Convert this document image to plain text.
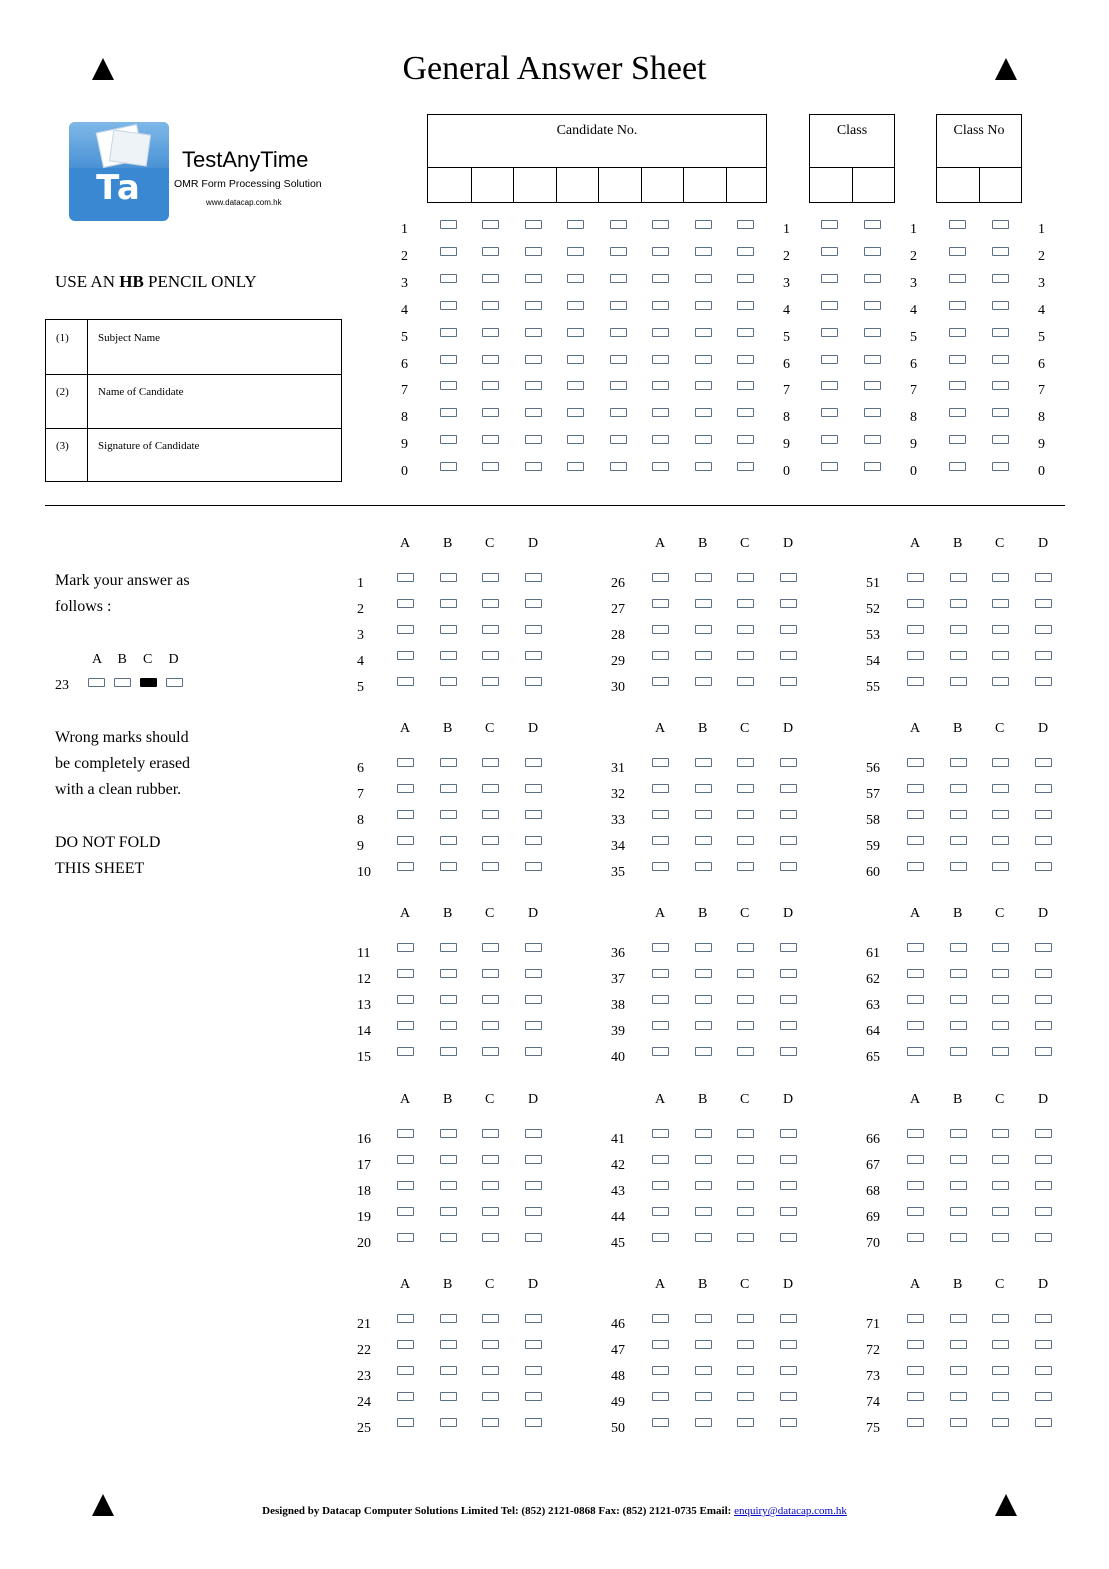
General Answer Sheet
Ta
TestAnyTime
OMR Form Processing Solution
www.datacap.com.hk
USE AN HB PENCIL ONLY
(1)	Subject Name
(2)	Name of Candidate
(3)	Signature of Candidate
Candidate No.	Class	Class No
1	1	1	1
2	2	2	2
3	3	3	3
4	4	4	4
5	5	5	5
6	6	6	6
7	7	7	7
8	8	8	8
9	9	9	9
0	0	0	0
Mark your answer as
follows :
A B C D
23
Wrong marks should
be completely erased
with a clean rubber.
DO NOT FOLD
THIS SHEET
A B C D
1
2
3
4
5
A B C D
6
7
8
9
10
A B C D
11
12
13
14
15
A B C D
16
17
18
19
20
A B C D
21
22
23
24
25
A B C D
26
27
28
29
30
A B C D
31
32
33
34
35
A B C D
36
37
38
39
40
A B C D
41
42
43
44
45
A B C D
46
47
48
49
50
A B C D
51
52
53
54
55
A B C D
56
57
58
59
60
A B C D
61
62
63
64
65
A B C D
66
67
68
69
70
A B C D
71
72
73
74
75
Designed by Datacap Computer Solutions Limited Tel: (852) 2121-0868 Fax: (852) 2121-0735 Email: enquiry@datacap.com.hk
